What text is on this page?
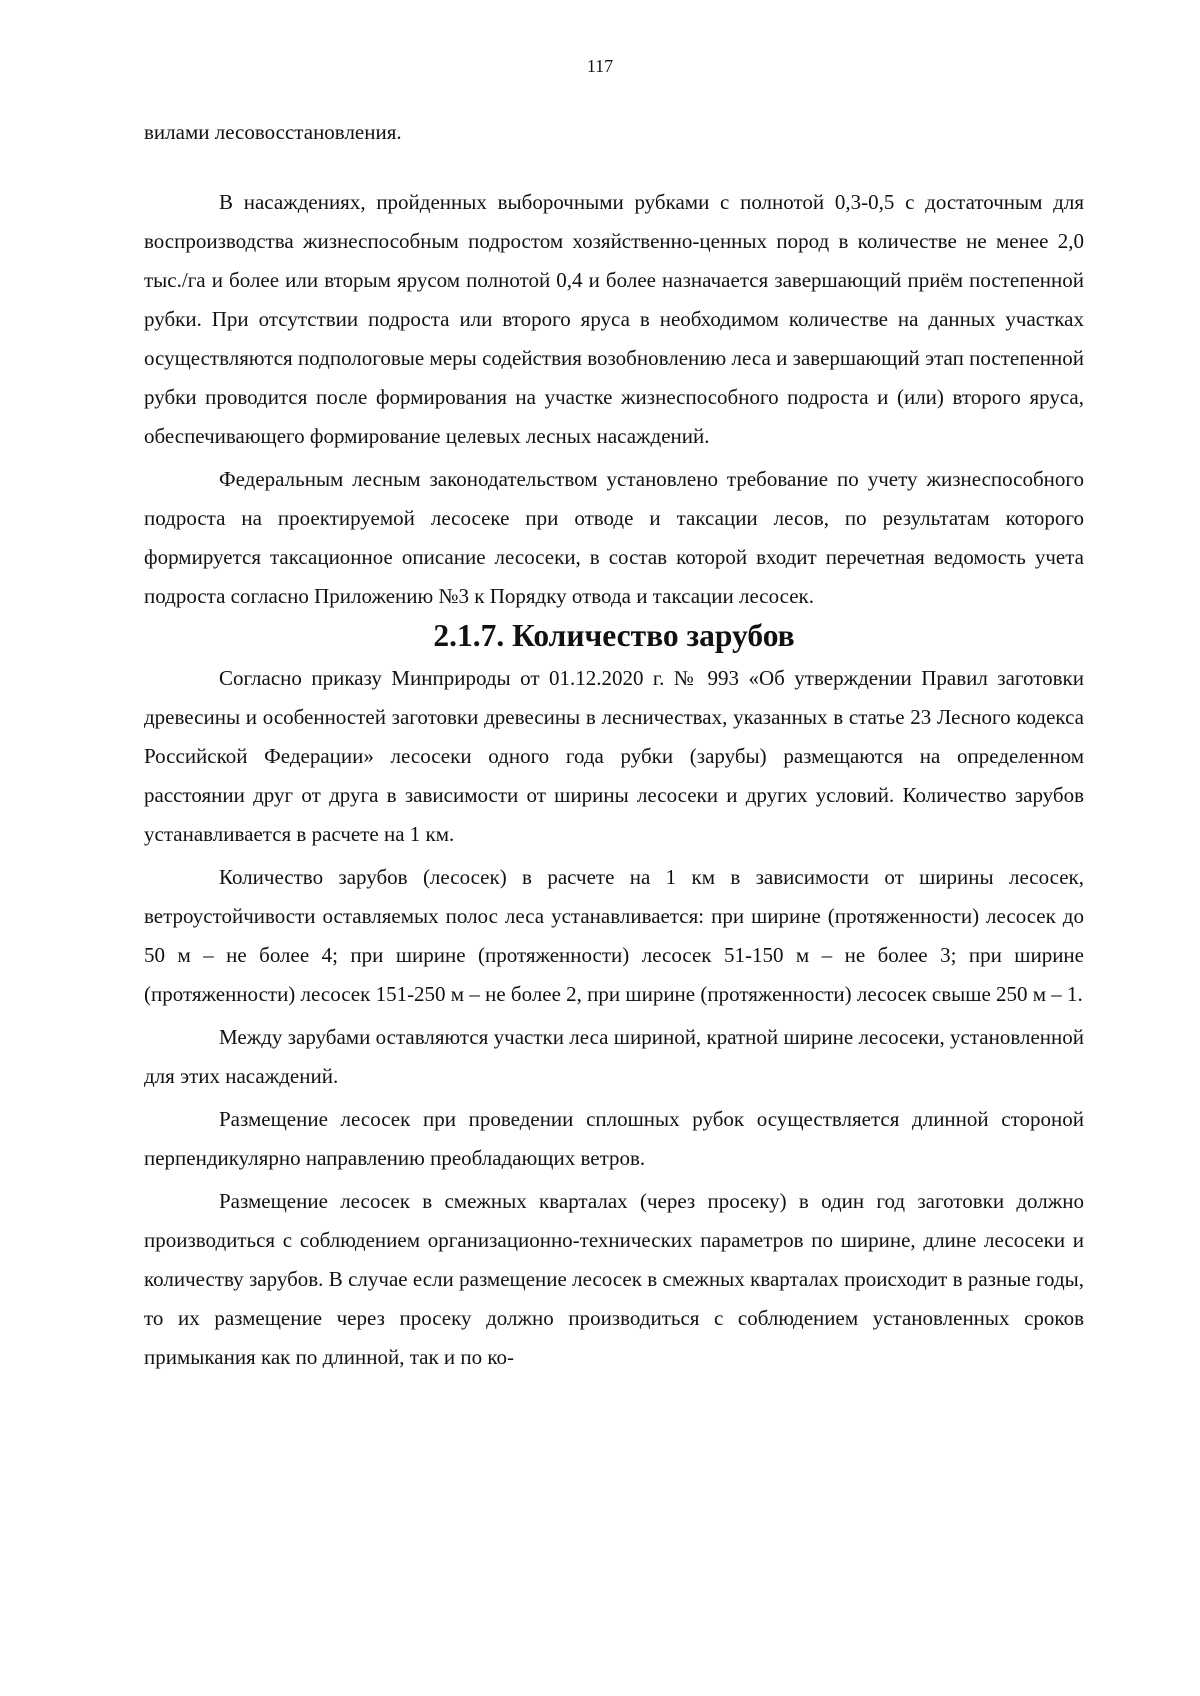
117

вилами лесовосстановления.

В насаждениях, пройденных выборочными рубками с полнотой 0,3-0,5 с достаточным для воспроизводства жизнеспособным подростом хозяйственно-ценных пород в количестве не менее 2,0 тыс./га и более или вторым ярусом полнотой 0,4 и более назначается завершающий приём постепенной рубки. При отсутствии подроста или второго яруса в необходимом количестве на данных участках осуществляются подпологовые меры содействия возобновлению леса и завершающий этап постепенной рубки проводится после формирования на участке жизнеспособного подроста и (или) второго яруса, обеспечивающего формирование целевых лесных насаждений.

Федеральным лесным законодательством установлено требование по учету жизнеспособного подроста на проектируемой лесосеке при отводе и таксации лесов, по результатам которого формируется таксационное описание лесосеки, в состав которой входит перечетная ведомость учета подроста согласно Приложению №3 к Порядку отвода и таксации лесосек.

2.1.7. Количество зарубов

Согласно приказу Минприроды от 01.12.2020 г. № 993 «Об утверждении Правил заготовки древесины и особенностей заготовки древесины в лесничествах, указанных в статье 23 Лесного кодекса Российской Федерации» лесосеки одного года рубки (зарубы) размещаются на определенном расстоянии друг от друга в зависимости от ширины лесосеки и других условий. Количество зарубов устанавливается в расчете на 1 км.

Количество зарубов (лесосек) в расчете на 1 км в зависимости от ширины лесосек, ветроустойчивости оставляемых полос леса устанавливается: при ширине (протяженности) лесосек до 50 м – не более 4; при ширине (протяженности) лесосек 51-150 м – не более 3; при ширине (протяженности) лесосек 151-250 м – не более 2, при ширине (протяженности) лесосек свыше 250 м – 1.

Между зарубами оставляются участки леса шириной, кратной ширине лесосеки, установленной для этих насаждений.

Размещение лесосек при проведении сплошных рубок осуществляется длинной стороной перпендикулярно направлению преобладающих ветров.

Размещение лесосек в смежных кварталах (через просеку) в один год заготовки должно производиться с соблюдением организационно-технических параметров по ширине, длине лесосеки и количеству зарубов. В случае если размещение лесосек в смежных кварталах происходит в разные годы, то их размещение через просеку должно производиться с соблюдением установленных сроков примыкания как по длинной, так и по ко-
